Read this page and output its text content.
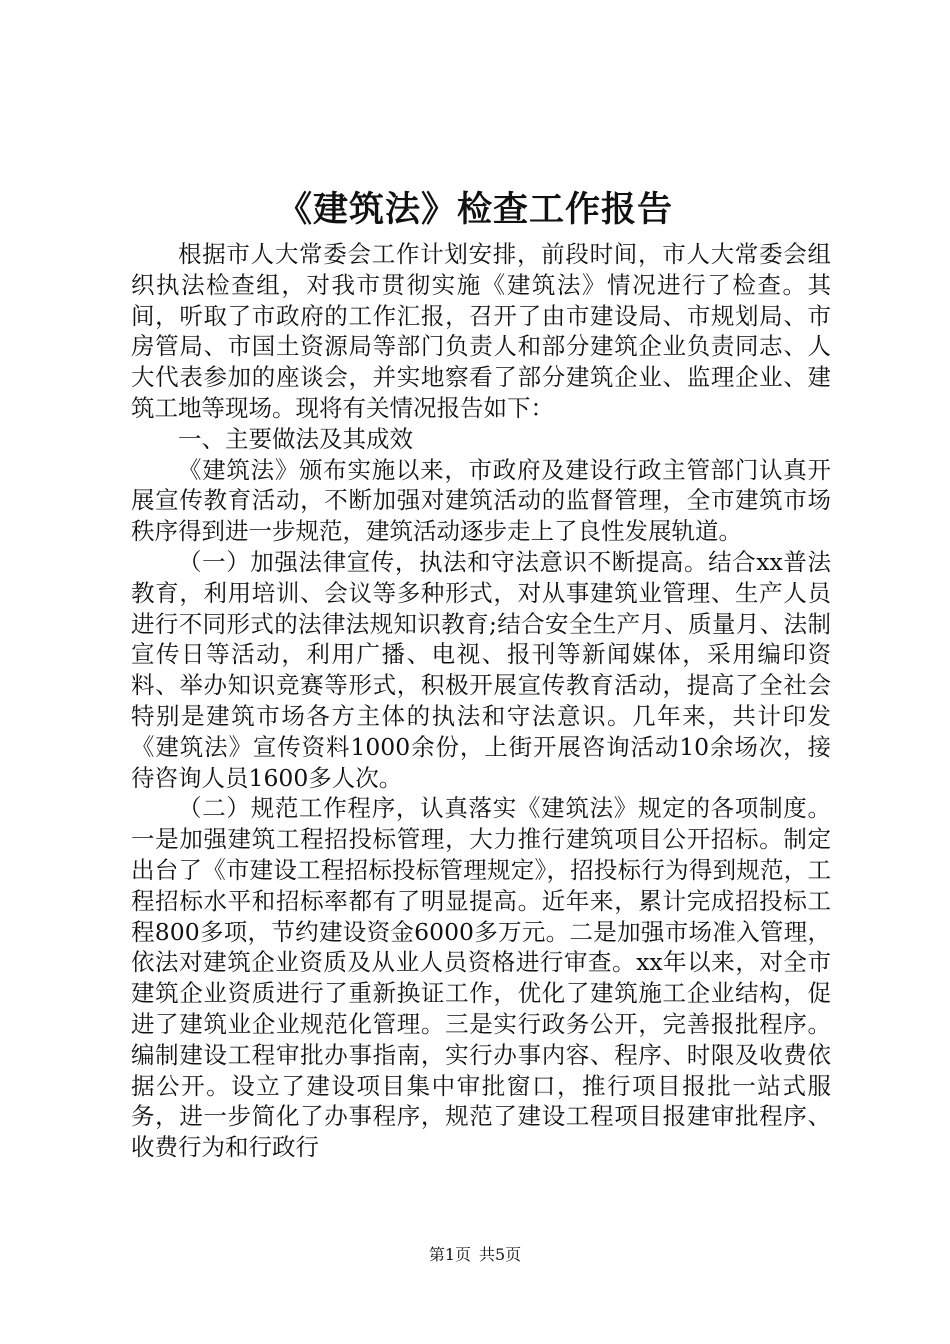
《建筑法》检查工作报告

根据市人大常委会工作计划安排，前段时间，市人大常委会组织执法检查组，对我市贯彻实施《建筑法》情况进行了检查。其间，听取了市政府的工作汇报，召开了由市建设局、市规划局、市房管局、市国土资源局等部门负责人和部分建筑企业负责同志、人大代表参加的座谈会，并实地察看了部分建筑企业、监理企业、建筑工地等现场。现将有关情况报告如下：

一、主要做法及其成效

《建筑法》颁布实施以来，市政府及建设行政主管部门认真开展宣传教育活动，不断加强对建筑活动的监督管理，全市建筑市场秩序得到进一步规范，建筑活动逐步走上了良性发展轨道。

（一）加强法律宣传，执法和守法意识不断提高。结合xx普法教育，利用培训、会议等多种形式，对从事建筑业管理、生产人员进行不同形式的法律法规知识教育;结合安全生产月、质量月、法制宣传日等活动，利用广播、电视、报刊等新闻媒体，采用编印资料、举办知识竞赛等形式，积极开展宣传教育活动，提高了全社会特别是建筑市场各方主体的执法和守法意识。几年来，共计印发《建筑法》宣传资料1000余份，上街开展咨询活动10余场次，接待咨询人员1600多人次。

（二）规范工作程序，认真落实《建筑法》规定的各项制度。一是加强建筑工程招投标管理，大力推行建筑项目公开招标。制定出台了《市建设工程招标投标管理规定》，招投标行为得到规范，工程招标水平和招标率都有了明显提高。近年来，累计完成招投标工程800多项，节约建设资金6000多万元。二是加强市场准入管理，依法对建筑企业资质及从业人员资格进行审查。xx年以来，对全市建筑企业资质进行了重新换证工作，优化了建筑施工企业结构，促进了建筑业企业规范化管理。三是实行政务公开，完善报批程序。编制建设工程审批办事指南，实行办事内容、程序、时限及收费依据公开。设立了建设项目集中审批窗口，推行项目报批一站式服务，进一步简化了办事程序，规范了建设工程项目报建审批程序、收费行为和行政行

第1页 共5页
